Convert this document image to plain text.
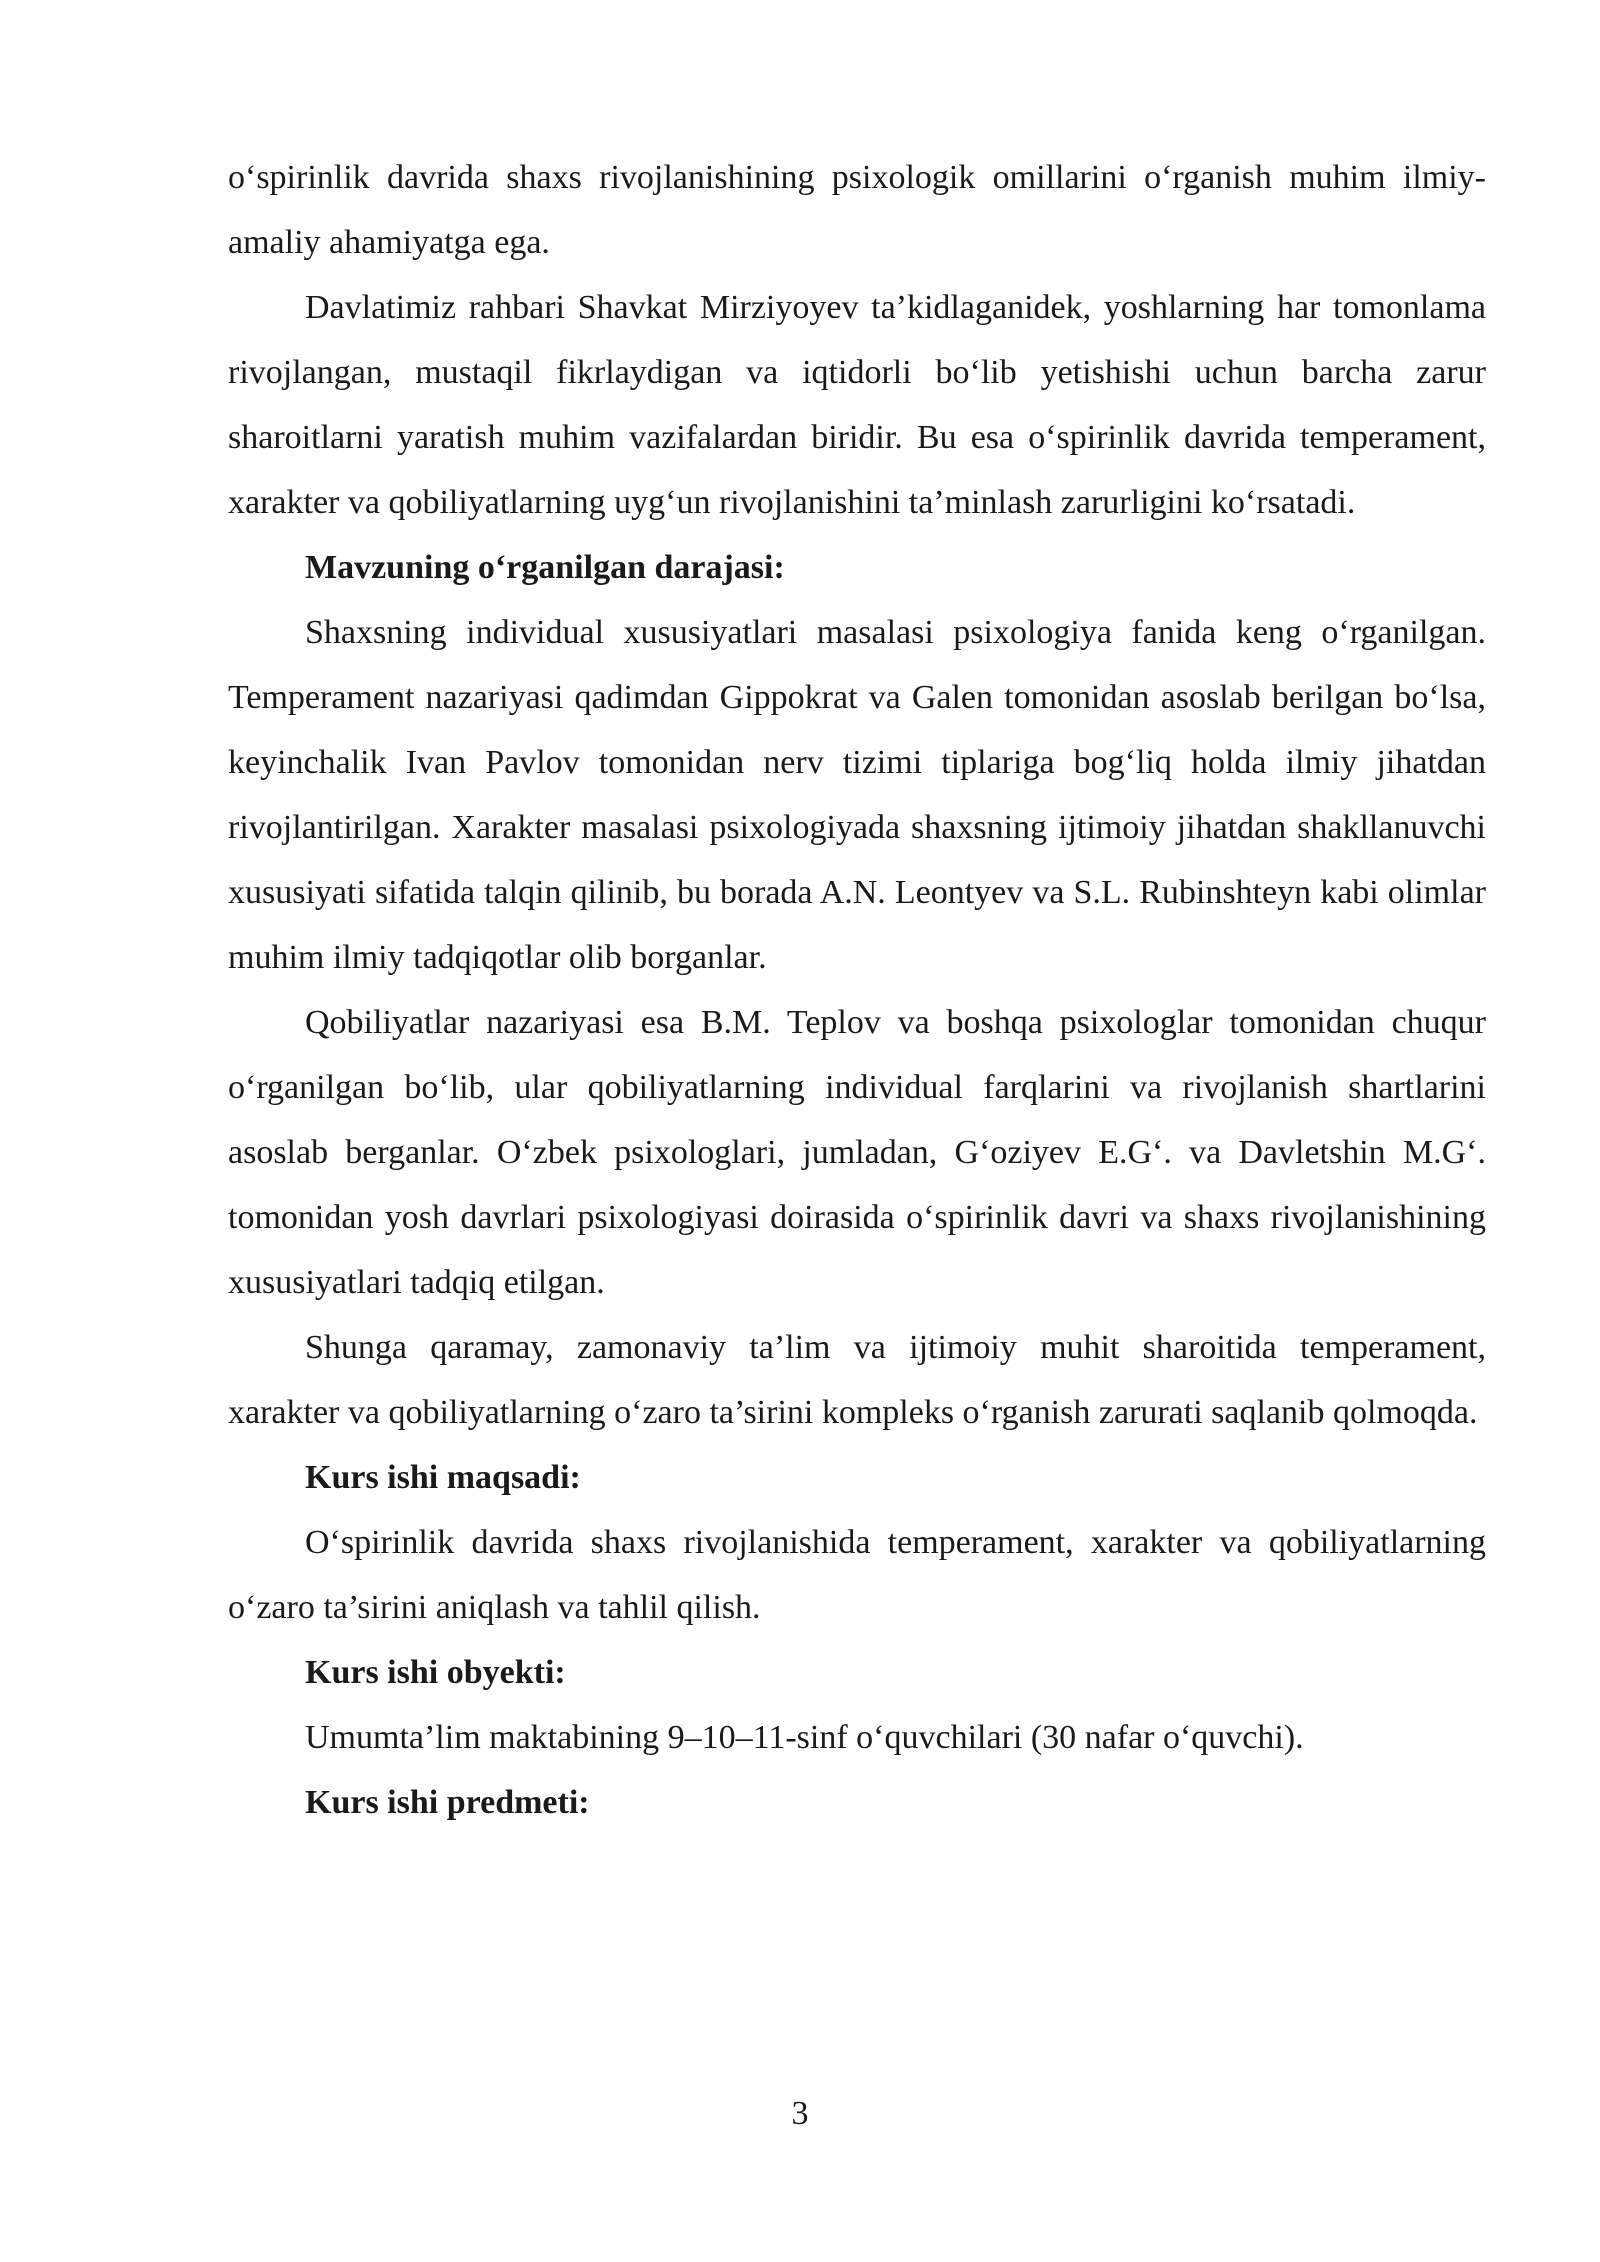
o‘spirinlik davrida shaxs rivojlanishining psixologik omillarini o‘rganish muhim ilmiy-amaliy ahamiyatga ega.

Davlatimiz rahbari Shavkat Mirziyoyev ta’kidlaganidek, yoshlarning har tomonlama rivojlangan, mustaqil fikrlaydigan va iqtidorli bo‘lib yetishishi uchun barcha zarur sharoitlarni yaratish muhim vazifalardan biridir. Bu esa o‘spirinlik davrida temperament, xarakter va qobiliyatlarning uyg‘un rivojlanishini ta’minlash zarurligini ko‘rsatadi.

Mavzuning o‘rganilgan darajasi:

Shaxsning individual xususiyatlari masalasi psixologiya fanida keng o‘rganilgan. Temperament nazariyasi qadimdan Gippokrat va Galen tomonidan asoslab berilgan bo‘lsa, keyinchalik Ivan Pavlov tomonidan nerv tizimi tiplariga bog‘liq holda ilmiy jihatdan rivojlantirilgan. Xarakter masalasi psixologiyada shaxsning ijtimoiy jihatdan shakllanuvchi xususiyati sifatida talqin qilinib, bu borada A.N. Leontyev va S.L. Rubinshteyn kabi olimlar muhim ilmiy tadqiqotlar olib borganlar.

Qobiliyatlar nazariyasi esa B.M. Teplov va boshqa psixologlar tomonidan chuqur o‘rganilgan bo‘lib, ular qobiliyatlarning individual farqlarini va rivojlanish shartlarini asoslab berganlar. O‘zbek psixologlari, jumladan, G‘oziyev E.G‘. va Davletshin M.G‘. tomonidan yosh davrlari psixologiyasi doirasida o‘spirinlik davri va shaxs rivojlanishining xususiyatlari tadqiq etilgan.

Shunga qaramay, zamonaviy ta’lim va ijtimoiy muhit sharoitida temperament, xarakter va qobiliyatlarning o‘zaro ta’sirini kompleks o‘rganish zarurati saqlanib qolmoqda.

Kurs ishi maqsadi:

O‘spirinlik davrida shaxs rivojlanishida temperament, xarakter va qobiliyatlarning o‘zaro ta’sirini aniqlash va tahlil qilish.

Kurs ishi obyekti:

Umumta’lim maktabining 9–10–11-sinf o‘quvchilari (30 nafar o‘quvchi).

Kurs ishi predmeti:

3
